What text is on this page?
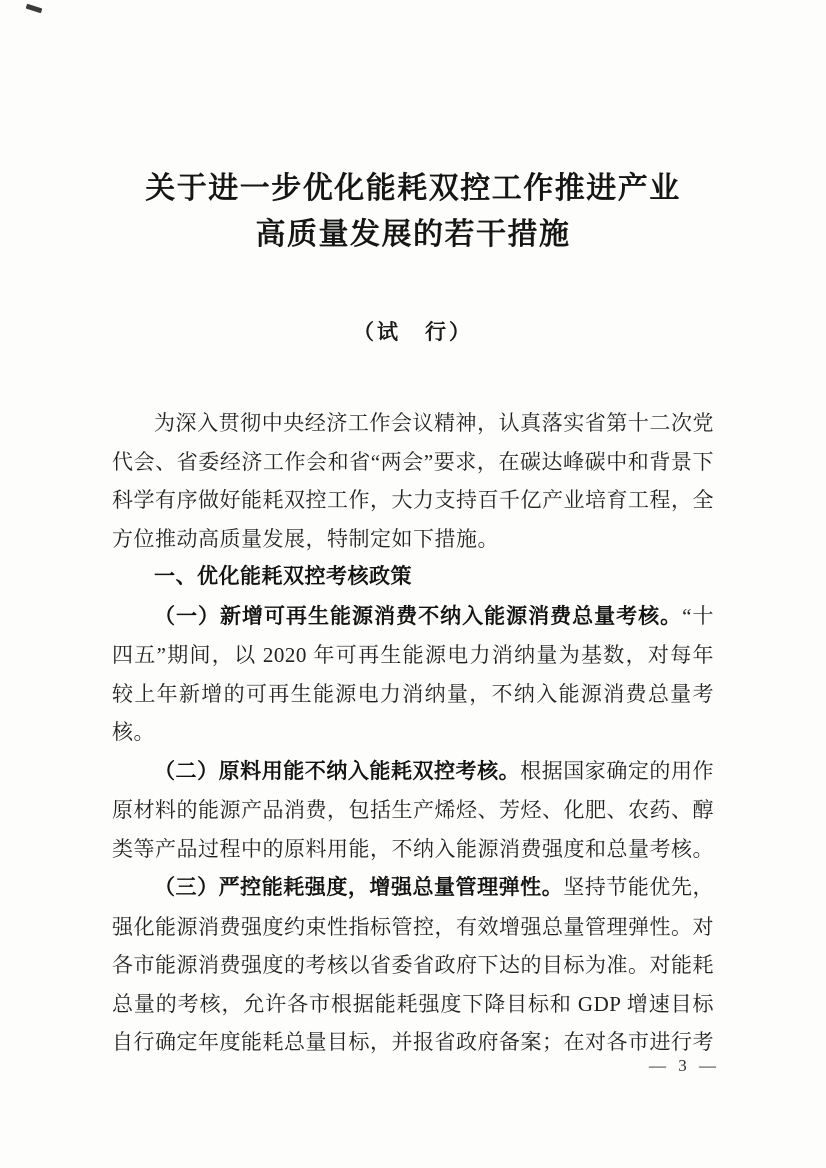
关于进一步优化能耗双控工作推进产业
高质量发展的若干措施
（试　行）

为深入贯彻中央经济工作会议精神，认真落实省第十二次党代会、省委经济工作会和省“两会”要求，在碳达峰碳中和背景下科学有序做好能耗双控工作，大力支持百千亿产业培育工程，全方位推动高质量发展，特制定如下措施。

一、优化能耗双控考核政策

（一）新增可再生能源消费不纳入能源消费总量考核。“十四五”期间，以 2020 年可再生能源电力消纳量为基数，对每年较上年新增的可再生能源电力消纳量，不纳入能源消费总量考核。

（二）原料用能不纳入能耗双控考核。根据国家确定的用作原材料的能源产品消费，包括生产烯烃、芳烃、化肥、农药、醇类等产品过程中的原料用能，不纳入能源消费强度和总量考核。

（三）严控能耗强度，增强总量管理弹性。坚持节能优先，强化能源消费强度约束性指标管控，有效增强总量管理弹性。对各市能源消费强度的考核以省委省政府下达的目标为准。对能耗总量的考核，允许各市根据能耗强度下降目标和 GDP 增速目标自行确定年度能耗总量目标，并报省政府备案；在对各市进行考

— 3 —
